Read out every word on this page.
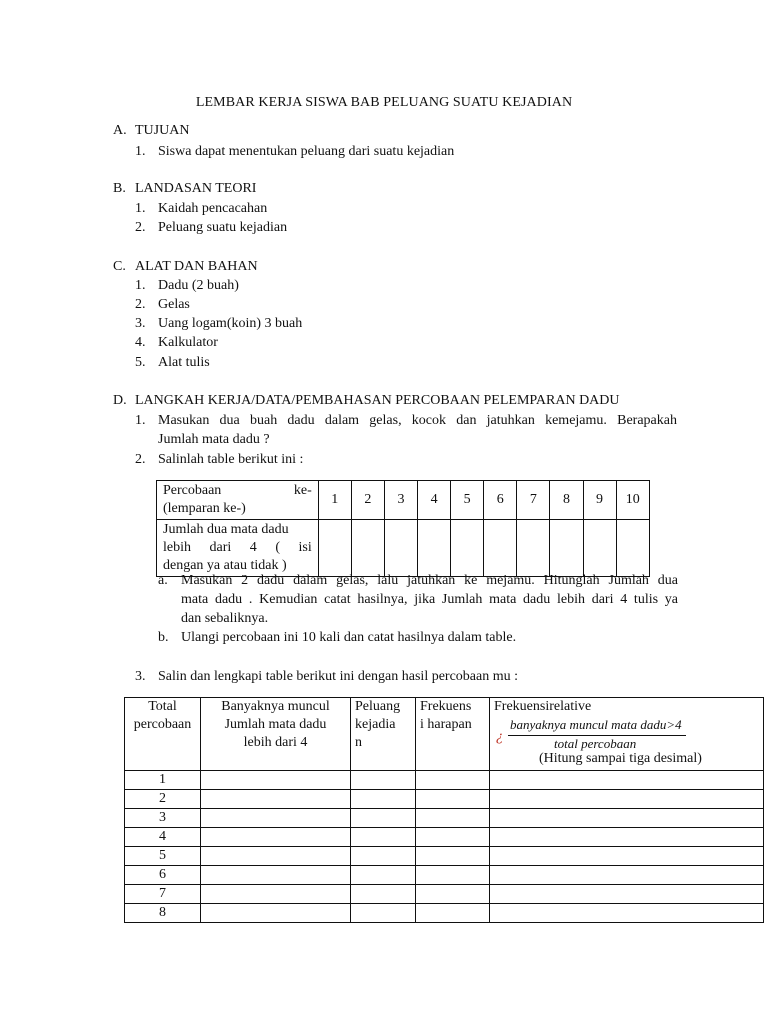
LEMBAR KERJA SISWA BAB PELUANG SUATU KEJADIAN
A. TUJUAN
1. Siswa dapat menentukan peluang dari suatu kejadian
B. LANDASAN TEORI
1. Kaidah pencacahan
2. Peluang suatu kejadian
C. ALAT DAN BAHAN
1. Dadu (2 buah)
2. Gelas
3. Uang logam(koin) 3 buah
4. Kalkulator
5. Alat tulis
D. LANGKAH KERJA/DATA/PEMBAHASAN PERCOBAAN PELEMPARAN DADU
1. Masukan dua buah dadu dalam gelas, kocok dan jatuhkan kemejamu. Berapakah
Jumlah mata dadu ?
2. Salinlah table berikut ini :
Percobaan ke-
(lemparan ke-)	1	2	3	4	5	6	7	8	9	10

Jumlah dua mata dadu
lebih dari 4 ( isi
dengan ya atau tidak )										

a. Masukan 2 dadu dalam gelas, lalu jatuhkan ke mejamu. Hitunglah Jumlah dua
mata dadu . Kemudian catat hasilnya, jika Jumlah mata dadu lebih dari 4 tulis ya
dan sebaliknya.
b. Ulangi percobaan ini 10 kali dan catat hasilnya dalam table.
3. Salin dan lengkapi table berikut ini dengan hasil percobaan mu :
Total
percobaan	Banyaknya muncul
Jumlah mata dadu
lebih dari 4	Peluang
kejadia
n	Frekuens
i harapan	Frekuensirelative
¿
banyaknya muncul mata dadu>4
total percobaan
(Hitung sampai tiga desimal)

1				
2				
3				
4				
5				
6				
7				
8				
